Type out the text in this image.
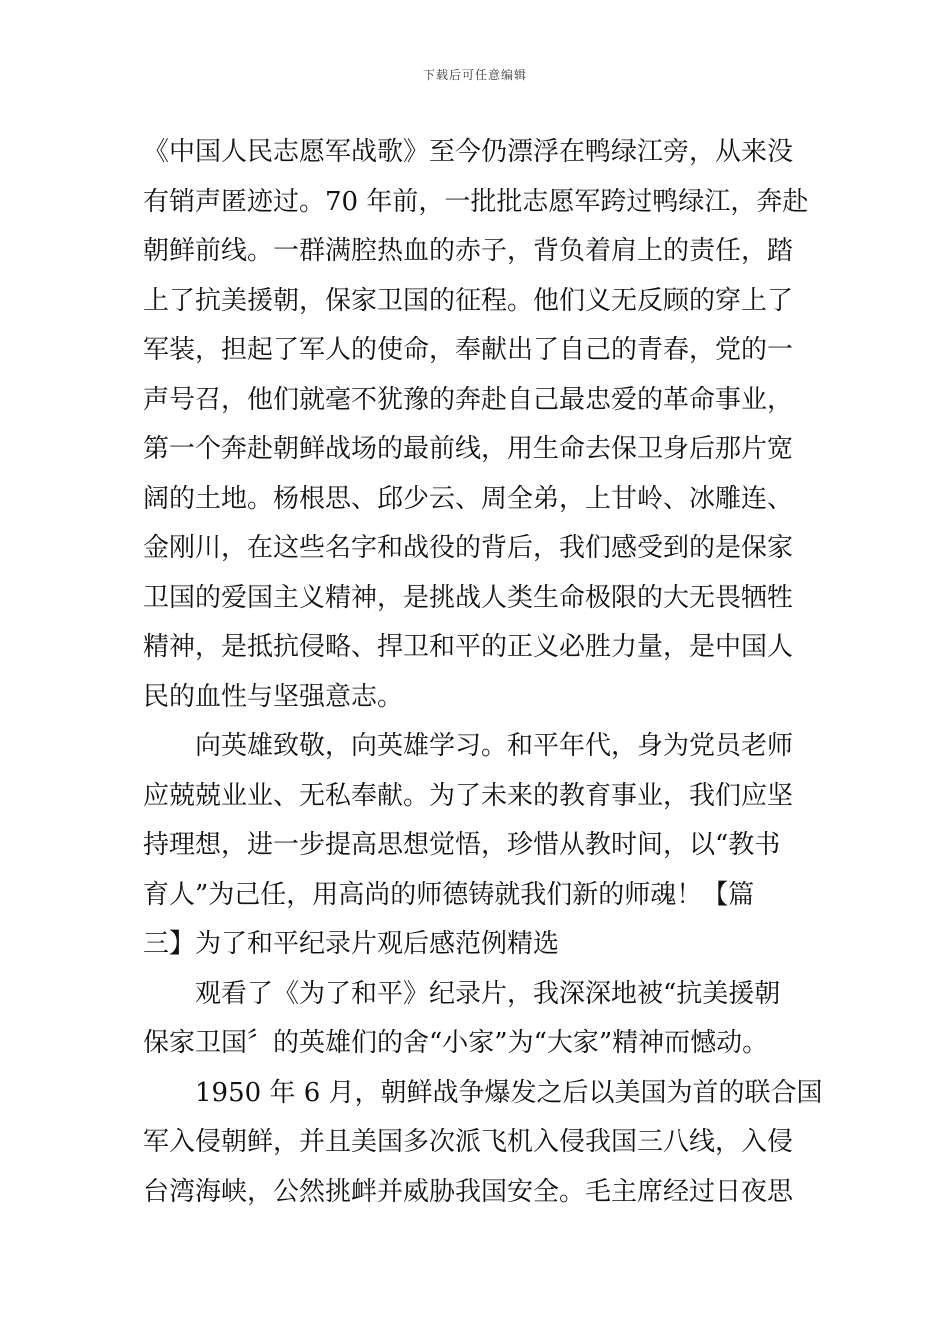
下载后可任意编辑
《中国人民志愿军战歌》至今仍漂浮在鸭绿江旁，从来没
有销声匿迹过。70 年前，一批批志愿军跨过鸭绿江，奔赴
朝鲜前线。一群满腔热血的赤子，背负着肩上的责任，踏
上了抗美援朝，保家卫国的征程。他们义无反顾的穿上了
军装，担起了军人的使命，奉献出了自己的青春，党的一
声号召，他们就毫不犹豫的奔赴自己最忠爱的革命事业，
第一个奔赴朝鲜战场的最前线，用生命去保卫身后那片宽
阔的土地。杨根思、邱少云、周全弟，上甘岭、冰雕连、
金刚川，在这些名字和战役的背后，我们感受到的是保家
卫国的爱国主义精神，是挑战人类生命极限的大无畏牺牲
精神，是抵抗侵略、捍卫和平的正义必胜力量，是中国人
民的血性与坚强意志。
向英雄致敬，向英雄学习。和平年代，身为党员老师
应兢兢业业、无私奉献。为了未来的教育事业，我们应坚
持理想，进一步提高思想觉悟，珍惜从教时间，以“教书
育人”为己任，用高尚的师德铸就我们新的师魂！【篇
三】为了和平纪录片观后感范例精选
观看了《为了和平》纪录片，我深深地被“抗美援朝
保家卫国〞的英雄们的舍“小家”为“大家”精神而憾动。
1950 年 6 月，朝鲜战争爆发之后以美国为首的联合国
军入侵朝鲜，并且美国多次派飞机入侵我国三八线，入侵
台湾海峡，公然挑衅并威胁我国安全。毛主席经过日夜思
